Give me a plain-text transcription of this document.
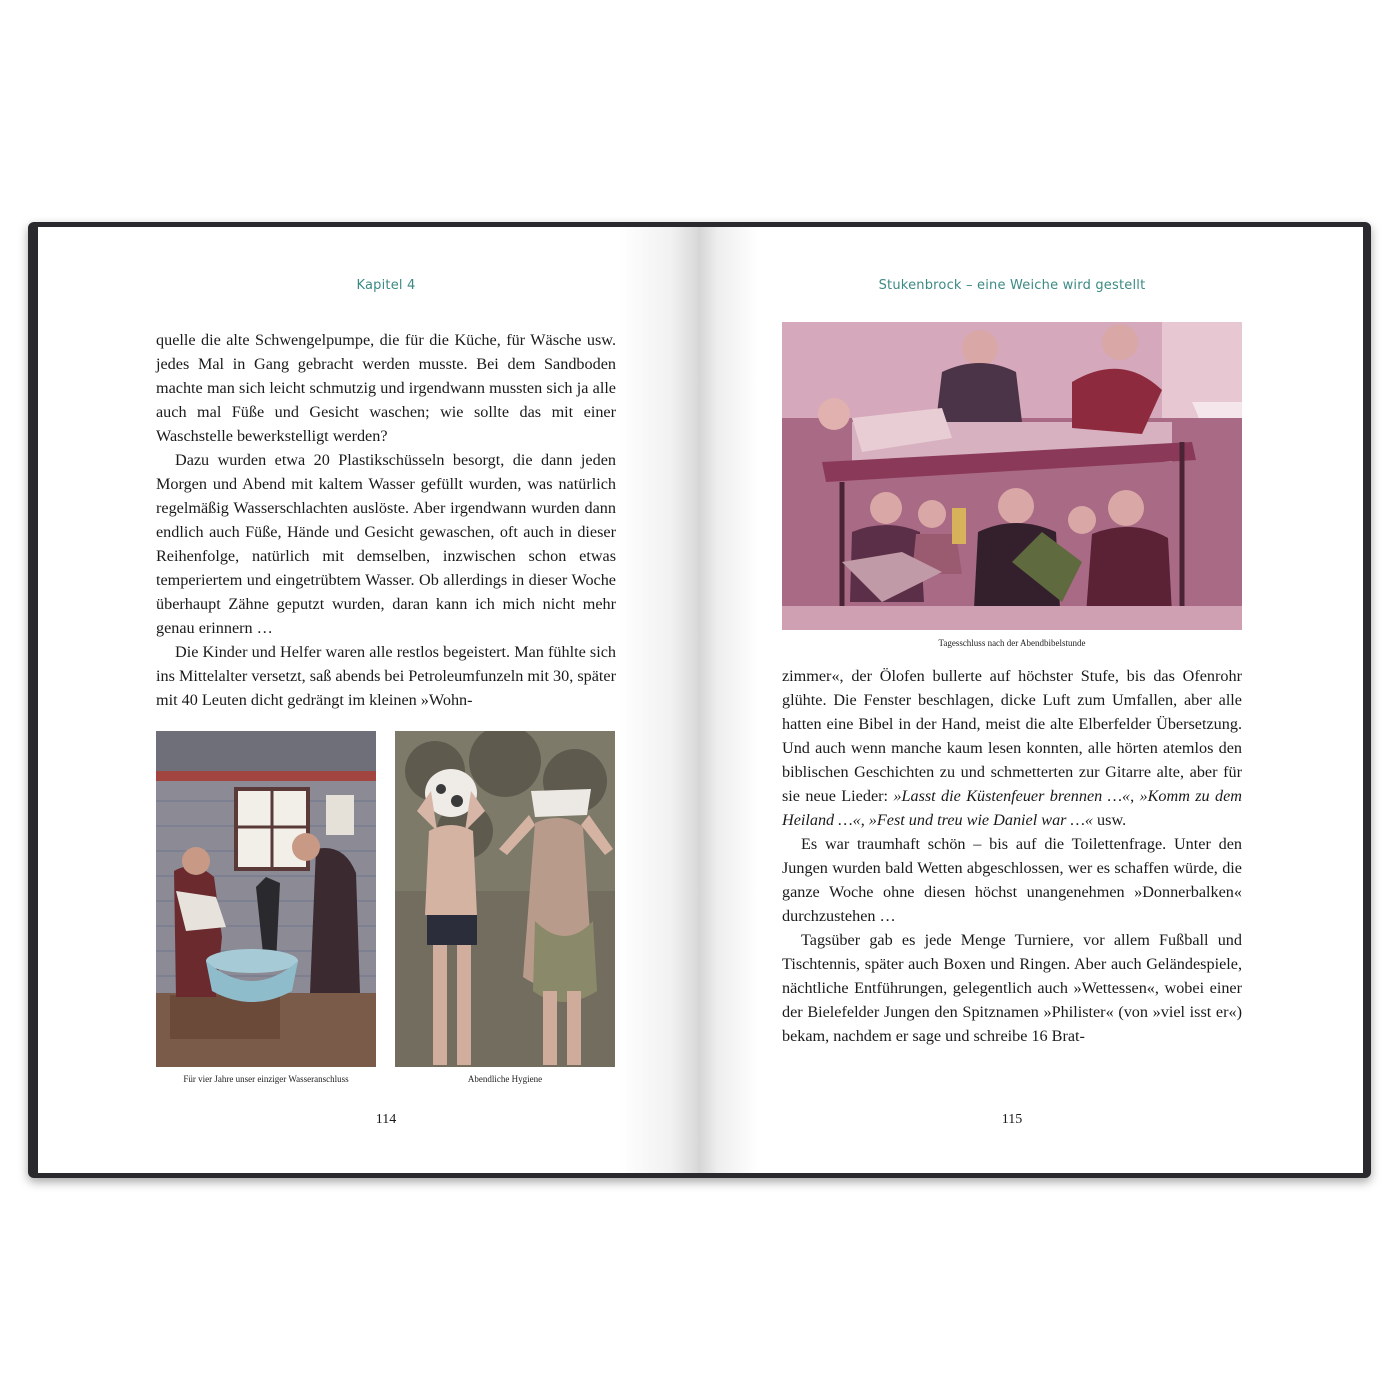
Kapitel 4

quelle die alte Schwengelpumpe, die für die Küche, für Wäsche usw. jedes Mal in Gang gebracht werden musste. Bei dem Sandboden machte man sich leicht schmutzig und irgendwann mussten sich ja alle auch mal Füße und Gesicht waschen; wie sollte das mit einer Waschstelle bewerkstelligt werden?

Dazu wurden etwa 20 Plastikschüsseln besorgt, die dann jeden Morgen und Abend mit kaltem Wasser gefüllt wurden, was natürlich regelmäßig Wasserschlachten auslöste. Aber irgendwann wurden dann endlich auch Füße, Hände und Gesicht gewaschen, oft auch in dieser Reihenfolge, natürlich mit demselben, inzwischen schon etwas temperiertem und eingetrübtem Wasser. Ob allerdings in dieser Woche überhaupt Zähne geputzt wurden, daran kann ich mich nicht mehr genau erinnern …

Die Kinder und Helfer waren alle restlos begeistert. Man fühlte sich ins Mittelalter versetzt, saß abends bei Petroleumfunzeln mit 30, später mit 40 Leuten dicht gedrängt im kleinen »Wohn-

Für vier Jahre unser einziger Wasseranschluss	Abendliche Hygiene
114
Stukenbrock – eine Weiche wird gestellt
Tagesschluss nach der Abendbibelstunde

zimmer«, der Ölofen bullerte auf höchster Stufe, bis das Ofenrohr glühte. Die Fenster beschlagen, dicke Luft zum Umfallen, aber alle hatten eine Bibel in der Hand, meist die alte Elberfelder Übersetzung. Und auch wenn manche kaum lesen konnten, alle hörten atemlos den biblischen Geschichten zu und schmetterten zur Gitarre alte, aber für sie neue Lieder: »Lasst die Küstenfeuer brennen …«, »Komm zu dem Heiland …«, »Fest und treu wie Daniel war …« usw.

Es war traumhaft schön – bis auf die Toilettenfrage. Unter den Jungen wurden bald Wetten abgeschlossen, wer es schaffen würde, die ganze Woche ohne diesen höchst unangenehmen »Donnerbalken« durchzustehen …

Tagsüber gab es jede Menge Turniere, vor allem Fußball und Tischtennis, später auch Boxen und Ringen. Aber auch Geländespiele, nächtliche Entführungen, gelegentlich auch »Wettessen«, wobei einer der Bielefelder Jungen den Spitznamen »Philister« (von »viel isst er«) bekam, nachdem er sage und schreibe 16 Brat-

115
